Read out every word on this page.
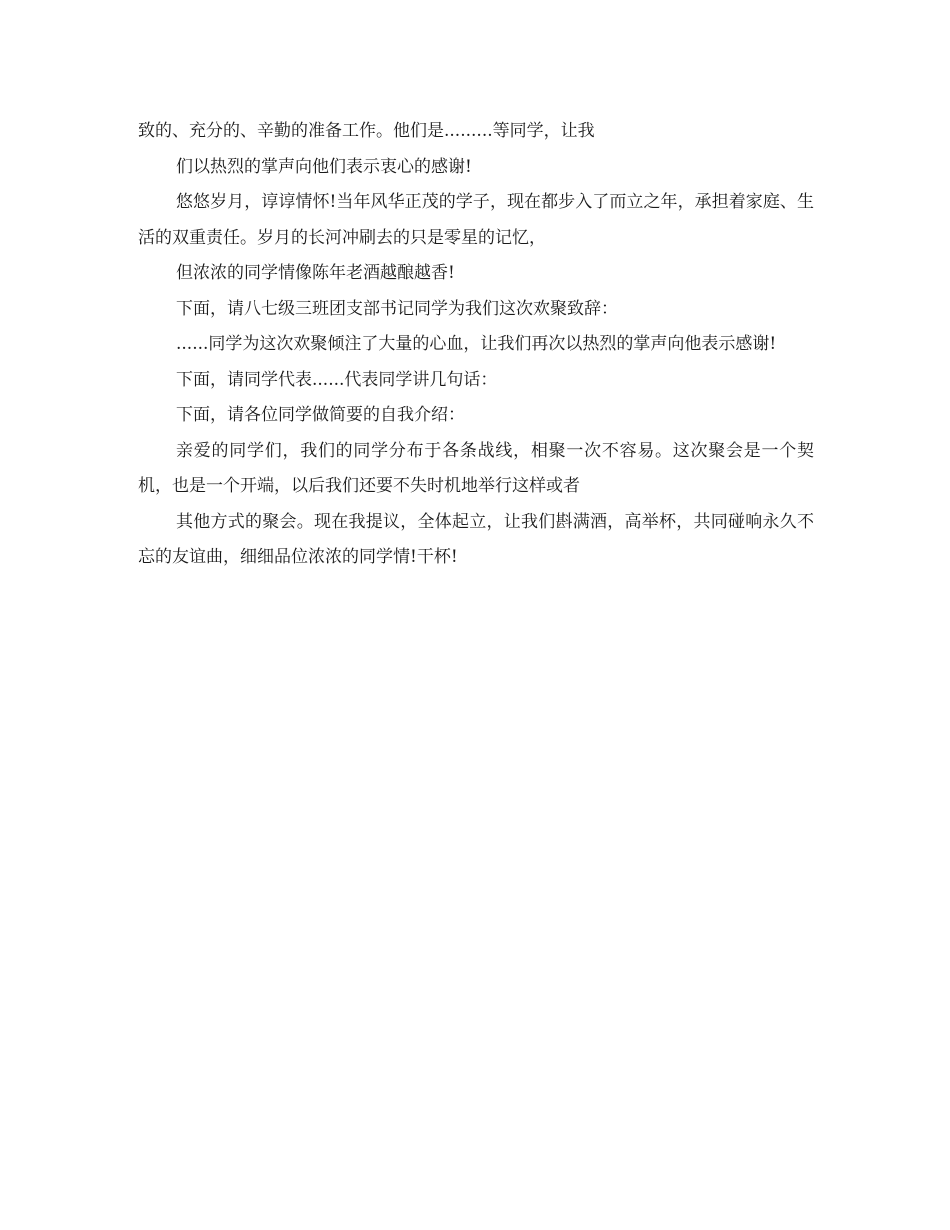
致的、充分的、辛勤的准备工作。他们是.........等同学，让我

们以热烈的掌声向他们表示衷心的感谢!

悠悠岁月，谆谆情怀!当年风华正茂的学子，现在都步入了而立之年，承担着家庭、生活的双重责任。岁月的长河冲刷去的只是零星的记忆，

但浓浓的同学情像陈年老酒越酿越香!

下面，请八七级三班团支部书记同学为我们这次欢聚致辞：

......同学为这次欢聚倾注了大量的心血，让我们再次以热烈的掌声向他表示感谢!

下面，请同学代表......代表同学讲几句话：

下面，请各位同学做简要的自我介绍：

亲爱的同学们，我们的同学分布于各条战线，相聚一次不容易。这次聚会是一个契机，也是一个开端，以后我们还要不失时机地举行这样或者

其他方式的聚会。现在我提议，全体起立，让我们斟满酒，高举杯，共同碰响永久不忘的友谊曲，细细品位浓浓的同学情!干杯!
